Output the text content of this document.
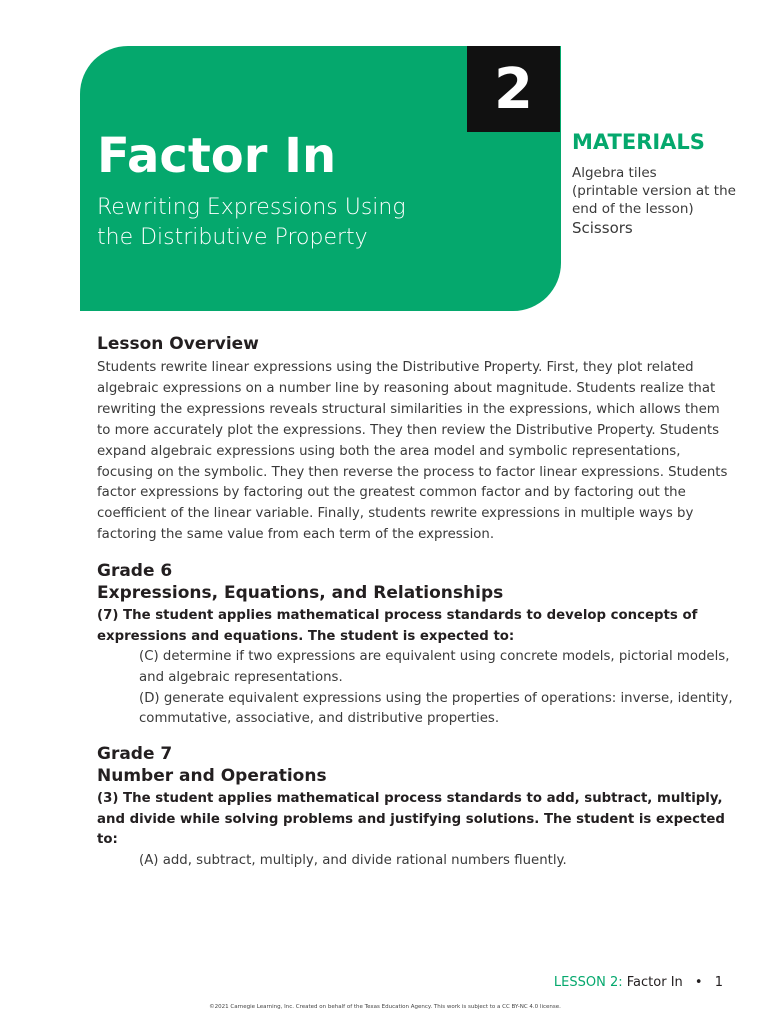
2
Factor In
Rewriting Expressions Using the Distributive Property
MATERIALS
Algebra tiles
(printable version at the end of the lesson)
Scissors
Lesson Overview

Students rewrite linear expressions using the Distributive Property. First, they plot related algebraic expressions on a number line by reasoning about magnitude. Students realize that rewriting the expressions reveals structural similarities in the expressions, which allows them to more accurately plot the expressions. They then review the Distributive Property. Students expand algebraic expressions using both the area model and symbolic representations, focusing on the symbolic. They then reverse the process to factor linear expressions. Students factor expressions by factoring out the greatest common factor and by factoring out the coefficient of the linear variable. Finally, students rewrite expressions in multiple ways by factoring the same value from each term of the expression.

Grade 6
Expressions, Equations, and Relationships
(7) The student applies mathematical process standards to develop concepts of expressions and equations. The student is expected to:
(C) determine if two expressions are equivalent using concrete models, pictorial models, and algebraic representations.
(D) generate equivalent expressions using the properties of operations: inverse, identity, commutative, associative, and distributive properties.
Grade 7
Number and Operations
(3) The student applies mathematical process standards to add, subtract, multiply, and divide while solving problems and justifying solutions. The student is expected to:
(A) add, subtract, multiply, and divide rational numbers fluently.
LESSON 2: Factor In • 1
©2021 Carnegie Learning, Inc. Created on behalf of the Texas Education Agency. This work is subject to a CC BY-NC 4.0 license.
